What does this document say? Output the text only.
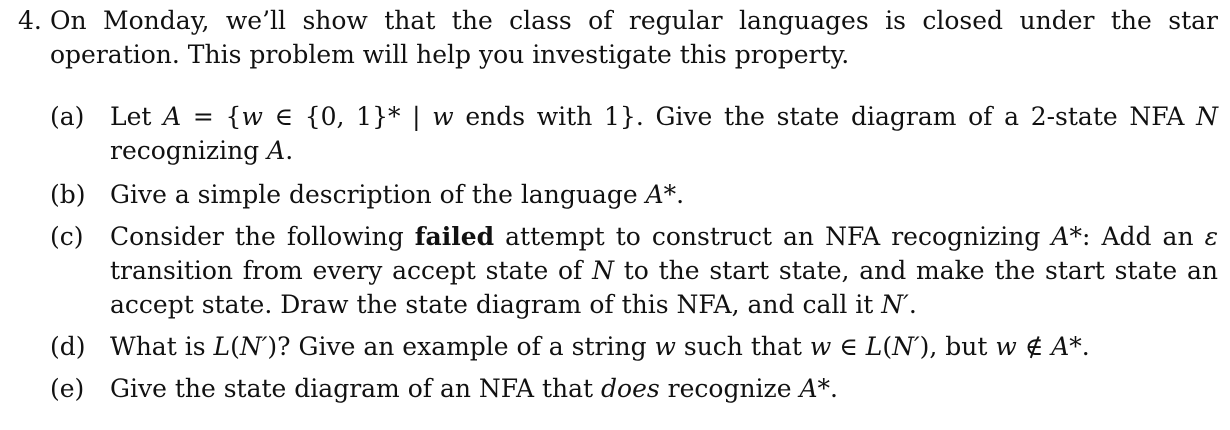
4. On Monday, we’ll show that the class of regular languages is closed under the star operation. This problem will help you investigate this property.
(a)	Let A = {w ∈ {0, 1}* | w ends with 1}. Give the state diagram of a 2-state NFA N recognizing A.
(b) Give a simple description of the language A*.
(c)	Consider the following failed attempt to construct an NFA recognizing A*: Add an ε transition from every accept state of N to the start state, and make the start state an accept state. Draw the state diagram of this NFA, and call it N′.
(d) What is L(N′)? Give an example of a string w such that w ∈ L(N′), but w ∉ A*.
(e)	Give the state diagram of an NFA that does recognize A*.
